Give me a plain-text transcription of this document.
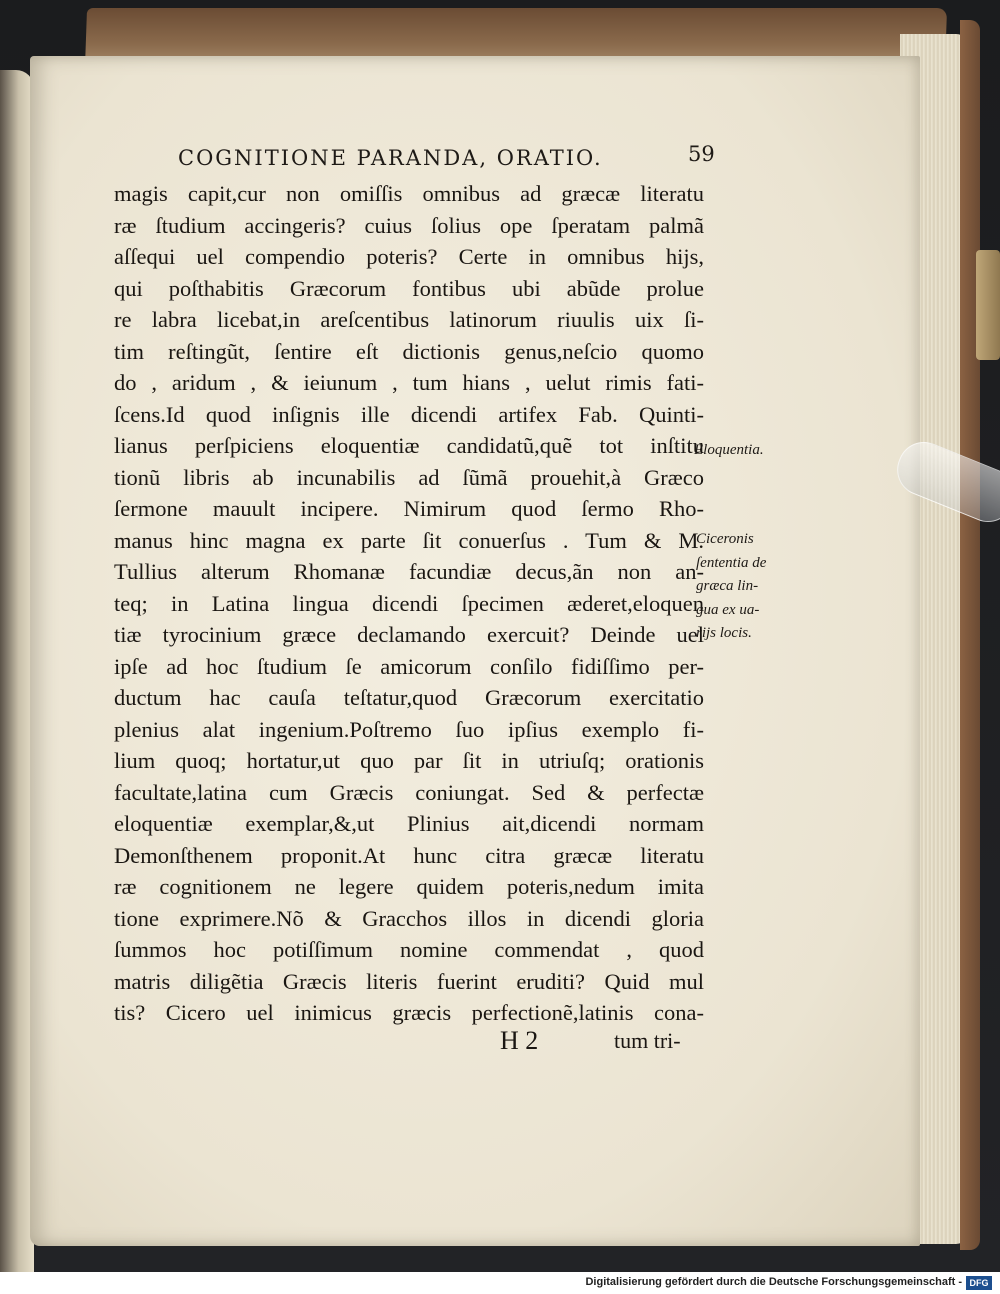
COGNITIONE PARANDA, ORATIO.	59
magis capit,cur non omiſſis omnibus ad græcæ literatu
ræ ſtudium accingeris? cuius ſolius ope ſperatam palmã
aſſequi uel compendio poteris? Certe in omnibus hijs,
qui poſthabitis Græcorum fontibus ubi abũde prolue
re labra licebat,in areſcentibus latinorum riuulis uix ſi-
tim reſtingũt, ſentire eſt dictionis genus,neſcio quomo
do , aridum , & ieiunum , tum hians , uelut rimis fati-
ſcens.Id quod inſignis ille dicendi artifex Fab. Quinti-
lianus perſpiciens eloquentiæ candidatũ,quẽ tot inſtitu
tionũ libris ab incunabilis ad ſũmã prouehit,à Græco
ſermone mauult incipere. Nimirum quod ſermo Rho-
manus hinc magna ex parte ſit conuerſus . Tum & M.
Tullius alterum Rhomanæ facundiæ decus,ãn non an-
teq; in Latina lingua dicendi ſpecimen æderet,eloquen
tiæ tyrocinium græce declamando exercuit? Deinde uel
ipſe ad hoc ſtudium ſe amicorum conſilo fidiſſimo per-
ductum hac cauſa teſtatur,quod Græcorum exercitatio
plenius alat ingenium.Poſtremo ſuo ipſius exemplo fi-
lium quoq; hortatur,ut quo par ſit in utriuſq; orationis
facultate,latina cum Græcis coniungat. Sed & perfectæ
eloquentiæ exemplar,&,ut Plinius ait,dicendi normam
Demonſthenem proponit.At hunc citra græcæ literatu
ræ cognitionem ne legere quidem poteris,nedum imita
tione exprimere.Nõ & Gracchos illos in dicendi gloria
ſummos hoc potiſſimum nomine commendat , quod
matris diligẽtia Græcis literis fuerint eruditi? Quid mul
tis? Cicero uel inimicus græcis perfectionẽ,latinis cona-
Eloquentia.
Ciceronis
ſententia de
græca lin-
gua ex ua-
rijs locis.
H 2	tum tri-
Digitalisierung gefördert durch die Deutsche Forschungsgemeinschaft - DFG
